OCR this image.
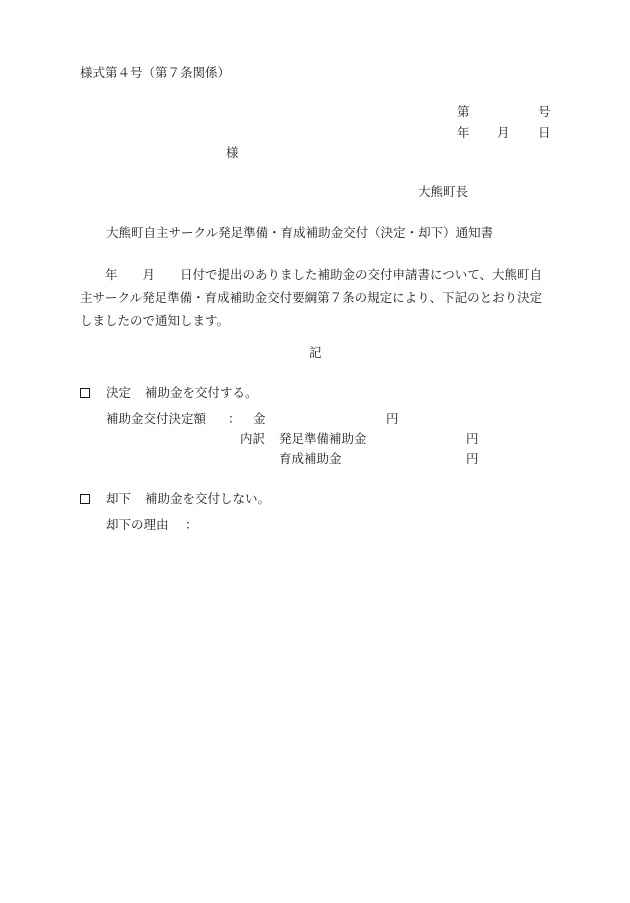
様式第４号（第７条関係）
第	号
年 月 日
様
大熊町長
大熊町自主サークル発足準備・育成補助金交付（決定・却下）通知書
年　　月　　日付で提出のありました補助金の交付申請書について、大熊町自主サークル発足準備・育成補助金交付要綱第７条の規定により、下記のとおり決定しましたので通知します。
記
決定 補助金を交付する。
補助金交付決定額 ： 金	円
内訳 発足準備補助金	円
育成補助金	円
却下 補助金を交付しない。
却下の理由 ：
